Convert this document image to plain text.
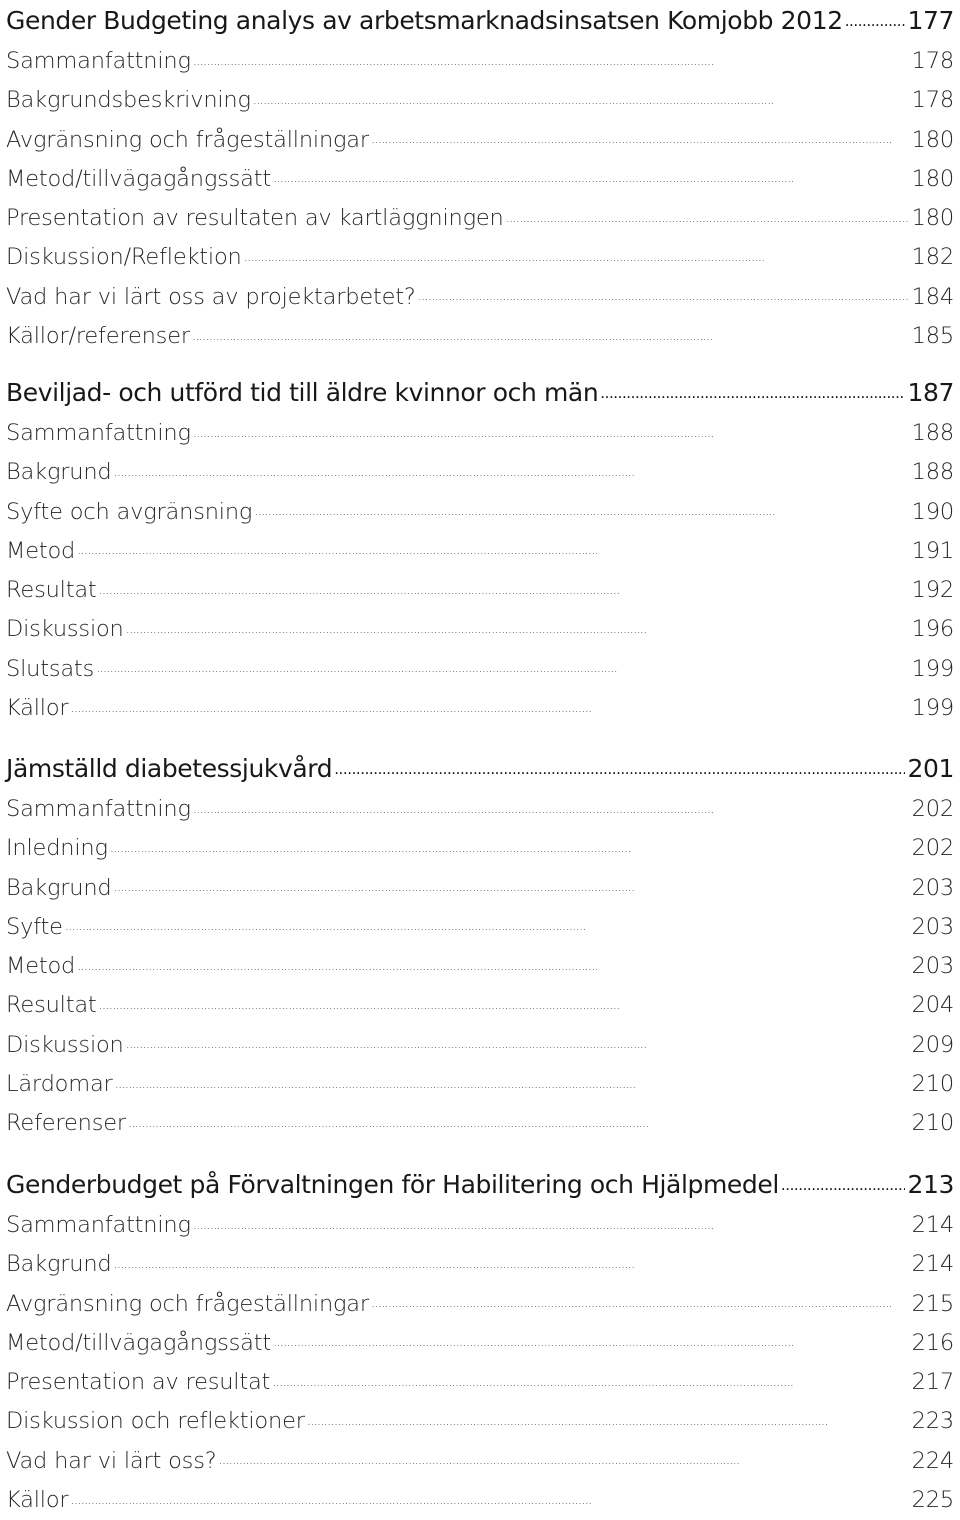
Gender Budgeting analys av arbetsmarknadsinsatsen Komjobb 2012 . . .	177
Sammanfattning . . .	178
Bakgrundsbeskrivning . . .	178
Avgränsning och frågeställningar . . .	180
Metod/tillvägagångssätt . . .	180
Presentation av resultaten av kartläggningen . . .	180
Diskussion/Reflektion . . .	182
Vad har vi lärt oss av projektarbetet? . . .	184
Källor/referenser . . .	185
Beviljad- och utförd tid till äldre kvinnor och män . . .	187
Sammanfattning . . .	188
Bakgrund . . .	188
Syfte och avgränsning . . .	190
Metod . . .	191
Resultat . . .	192
Diskussion . . .	196
Slutsats . . .	199
Källor . . .	199
Jämställd diabetessjukvård . . .	201
Sammanfattning . . .	202
Inledning . . .	202
Bakgrund . . .	203
Syfte . . .	203
Metod . . .	203
Resultat . . .	204
Diskussion . . .	209
Lärdomar . . .	210
Referenser . . .	210
Genderbudget på Förvaltningen för Habilitering och Hjälpmedel . . .	213
Sammanfattning . . .	214
Bakgrund . . .	214
Avgränsning och frågeställningar . . .	215
Metod/tillvägagångssätt . . .	216
Presentation av resultat . . .	217
Diskussion och reflektioner . . .	223
Vad har vi lärt oss? . . .	224
Källor . . .	225
